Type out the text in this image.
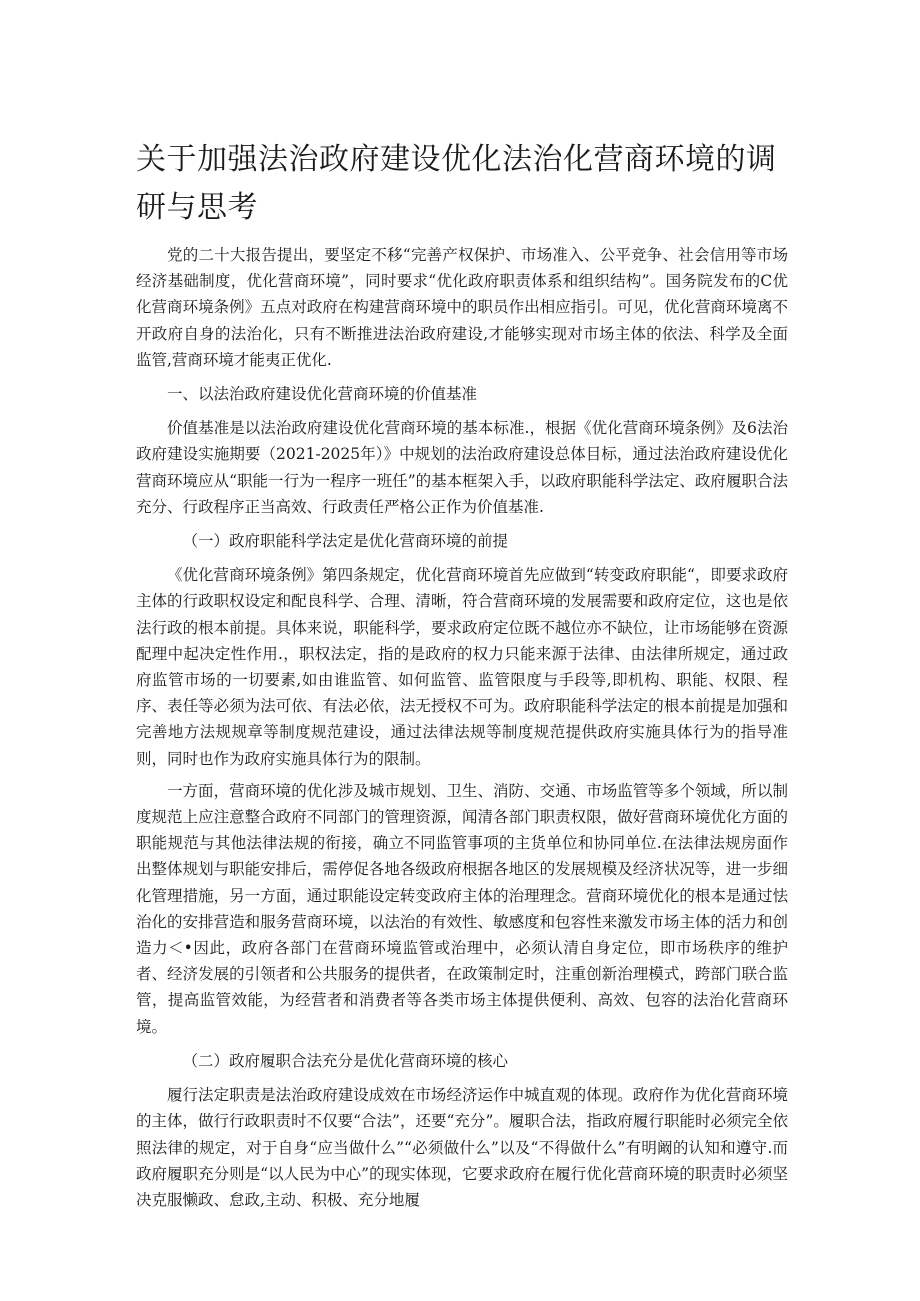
关于加强法治政府建设优化法治化营商环境的调研与思考

党的二十大报告提出，要坚定不移“完善产权保护、市场准入、公平竞争、社会信用等市场经济基础制度，优化营商环境”，同时要求“优化政府职责体系和组织结构”。国务院发布的C优化营商环境条例》五点对政府在构建营商环境中的职员作出相应指引。可见，优化营商环境离不开政府自身的法治化，只有不断推进法治政府建设,才能够实现对市场主体的依法、科学及全面监管,营商环境才能夷正优化.

一、以法治政府建设优化营商环境的价值基准

价值基准是以法治政府建设优化营商环境的基本标准.，根据《优化营商环境条例》及6法治政府建设实施期要（2021-2025年）》中规划的法治政府建设总体目标，通过法治政府建设优化营商环境应从“职能一行为一程序一班任”的基本框架入手，以政府职能科学法定、政府履职合法充分、行政程序正当高效、行政责任严格公正作为价值基准.

（一）政府职能科学法定是优化营商环境的前提

《优化营商环境条例》第四条规定，优化营商环境首先应做到“转变政府职能“，即要求政府主体的行政职权设定和配良科学、合理、清晰，符合营商环境的发展需要和政府定位，这也是依法行政的根本前提。具体来说，职能科学，要求政府定位既不越位亦不缺位，让市场能够在资源配理中起决定性作用.，职权法定，指的是政府的权力只能来源于法律、由法律所规定，通过政府监管市场的一切要素,如由谁监管、如何监管、监管限度与手段等,即机构、职能、权限、程序、表任等必须为法可依、有法必依，法无授权不可为。政府职能科学法定的根本前提是加强和完善地方法规规章等制度规范建设，通过法律法规等制度规范提供政府实施具体行为的指导准则，同时也作为政府实施具体行为的限制。

一方面，营商环境的优化涉及城市规划、卫生、消防、交通、市场监管等多个领域，所以制度规范上应注意整合政府不同部门的管理资源，闻清各部门职责权限，做好营商环境优化方面的职能规范与其他法律法规的衔接，确立不同监管事项的主货单位和协同单位.在法律法规房面作出整体规划与职能安排后，需停促各地各级政府根据各地区的发展规模及经济状况等，进一步细化管理措施，另一方面，通过职能设定转变政府主体的治理理念。营商环境优化的根本是通过怯治化的安排营造和服务营商环境，以法治的有效性、敏感度和包容性来激发市场主体的活力和创造力＜•因此，政府各部门在营商环境监管或治理中，必须认清自身定位，即市场秩序的维护者、经济发展的引领者和公共服务的提供者，在政策制定时，注重创新治理模式，跨部门联合监管，提高监管效能，为经营者和消费者等各类市场主体提供便利、高效、包容的法治化营商环境。

（二）政府履职合法充分是优化营商环境的核心

履行法定职责是法治政府建设成效在市场经济运作中城直观的体现。政府作为优化营商环境的主体，做行行政职责时不仅要“合法”，还要“充分”。履职合法，指政府履行职能时必须完全依照法律的规定，对于自身“应当做什么”“必须做什么”以及“不得做什么”有明阚的认知和遵守.而政府履职充分则是“以人民为中心”的现实体现，它要求政府在履行优化营商环境的职责时必须坚决克服懒政、怠政,主动、积极、充分地履
